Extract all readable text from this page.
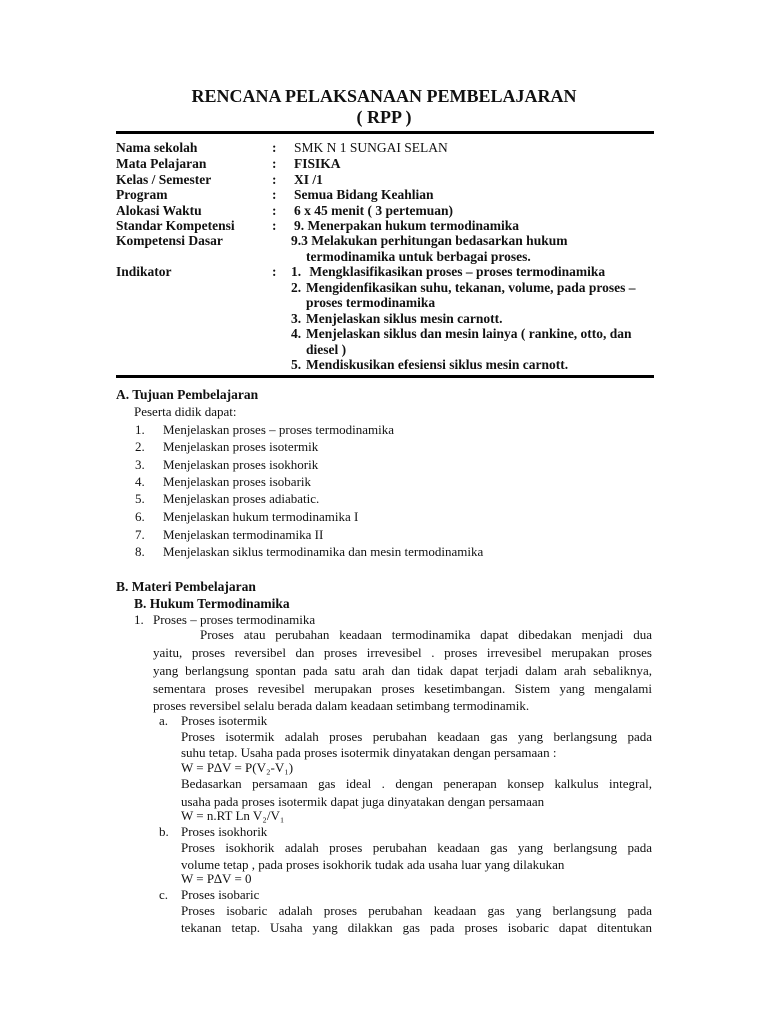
RENCANA PELAKSANAAN PEMBELAJARAN
( RPP )
Nama sekolah	: SMK N 1 SUNGAI SELAN
Mata Pelajaran	: FISIKA
Kelas / Semester	: XI /1
Program	: Semua Bidang Keahlian
Alokasi Waktu	: 6 x 45 menit ( 3 pertemuan)
Standar Kompetensi	: 9. Menerpakan hukum termodinamika
Kompetensi Dasar	9.3 Melakukan perhitungan bedasarkan hukum
termodinamika untuk berbagai proses.
Indikator	: 1. Mengklasifikasikan proses – proses termodinamika
2. Mengidenfikasikan suhu, tekanan, volume, pada proses –
proses termodinamika
3. Menjelaskan siklus mesin carnott.
4. Menjelaskan siklus dan mesin lainya ( rankine, otto, dan
diesel )
5. Mendiskusikan efesiensi siklus mesin carnott.
A. Tujuan Pembelajaran
Peserta didik dapat:
1. Menjelaskan proses – proses termodinamika
2. Menjelaskan proses isotermik
3. Menjelaskan proses isokhorik
4. Menjelaskan proses isobarik
5. Menjelaskan proses adiabatic.
6. Menjelaskan hukum termodinamika I
7. Menjelaskan termodinamika II
8. Menjelaskan siklus termodinamika dan mesin termodinamika
B. Materi Pembelajaran
B. Hukum Termodinamika
1. Proses – proses termodinamika
Proses atau perubahan keadaan termodinamika dapat dibedakan menjadi dua
yaitu, proses reversibel dan proses irrevesibel . proses irrevesibel merupakan proses
yang berlangsung spontan pada satu arah dan tidak dapat terjadi dalam arah sebaliknya,
sementara proses revesibel merupakan proses kesetimbangan. Sistem yang mengalami
proses reversibel selalu berada dalam keadaan setimbang termodinamik.
a. Proses isotermik
Proses isotermik adalah proses perubahan keadaan gas yang berlangsung pada
suhu tetap. Usaha pada proses isotermik dinyatakan dengan persamaan :
W = P∆V = P(V₂-V₁)
Bedasarkan persamaan gas ideal . dengan penerapan konsep kalkulus integral,
usaha pada proses isotermik dapat juga dinyatakan dengan persamaan
W = n.RT Ln V₂/V₁
b. Proses isokhorik
Proses isokhorik adalah proses perubahan keadaan gas yang berlangsung pada
volume tetap , pada proses isokhorik tudak ada usaha luar yang dilakukan
W = P∆V = 0
c. Proses isobaric
Proses isobaric adalah proses perubahan keadaan gas yang berlangsung pada
tekanan tetap. Usaha yang dilakkan gas pada proses isobaric dapat ditentukan
